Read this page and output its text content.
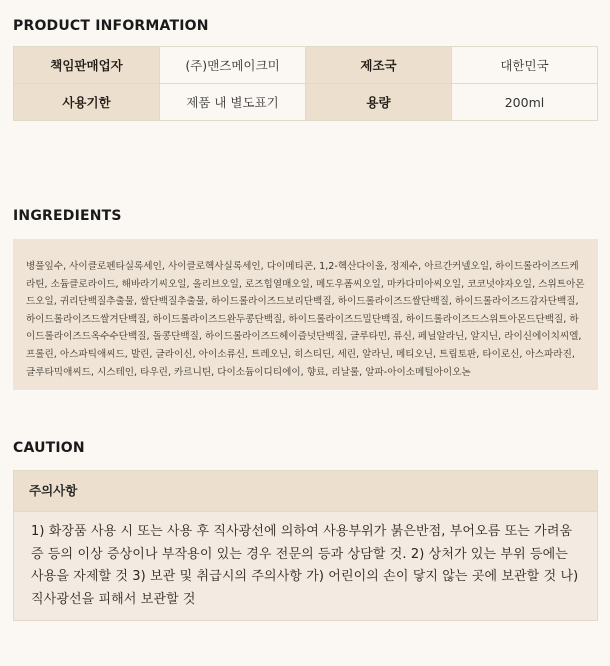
PRODUCT INFORMATION
책임판매업자	(주)맨즈메이크미	제조국	대한민국
사용기한	제품 내 별도표기	용량	200ml
INGREDIENTS
병풀잎수, 사이클로펜타실록세인, 사이클로헥사실록세인, 다이메티콘, 1,2-헥산다이올, 정제수, 아르간커넬오일, 하이드롤라이즈드케라틴, 소듐클로라이드, 해바라기씨오일, 올리브오일, 로즈힙열매오일, 메도우폼씨오일, 마카다미아씨오일, 코코넛야자오일, 스위트아몬드오일, 귀리단백질추출물, 쌀단백질추출물, 하이드롤라이즈드보리단백질, 하이드롤라이즈드쌀단백질, 하이드롤라이즈드감자단백질, 하이드롤라이즈드쌀겨단백질, 하이드롤라이즈드완두콩단백질, 하이드롤라이즈드밀단백질, 하이드롤라이즈드스위트아몬드단백질, 하이드롤라이즈드옥수수단백질, 돌콩단백질, 하이드롤라이즈드헤이즐넛단백질, 글루타민, 류신, 페닐알라닌, 알지닌, 라이신에이치씨엘, 프롤린, 아스파틱애씨드, 발린, 글라이신, 아이소류신, 트레오닌, 히스티딘, 세린, 알라닌, 메티오닌, 트립토판, 타이로신, 아스파라진, 글루타믹애씨드, 시스테인, 타우린, 카르니틴, 다이소듐이디티에이, 향료, 리날룰, 알파-아이소메틸아이오논
CAUTION
주의사항
1) 화장품 사용 시 또는 사용 후 직사광선에 의하여 사용부위가 붉은반점, 부어오름 또는 가려움증 등의 이상 증상이나 부작용이 있는 경우 전문의 등과 상담할 것. 2) 상처가 있는 부위 등에는 사용을 자제할 것 3) 보관 및 취급시의 주의사항 가) 어린이의 손이 닿지 않는 곳에 보관할 것 나) 직사광선을 피해서 보관할 것
